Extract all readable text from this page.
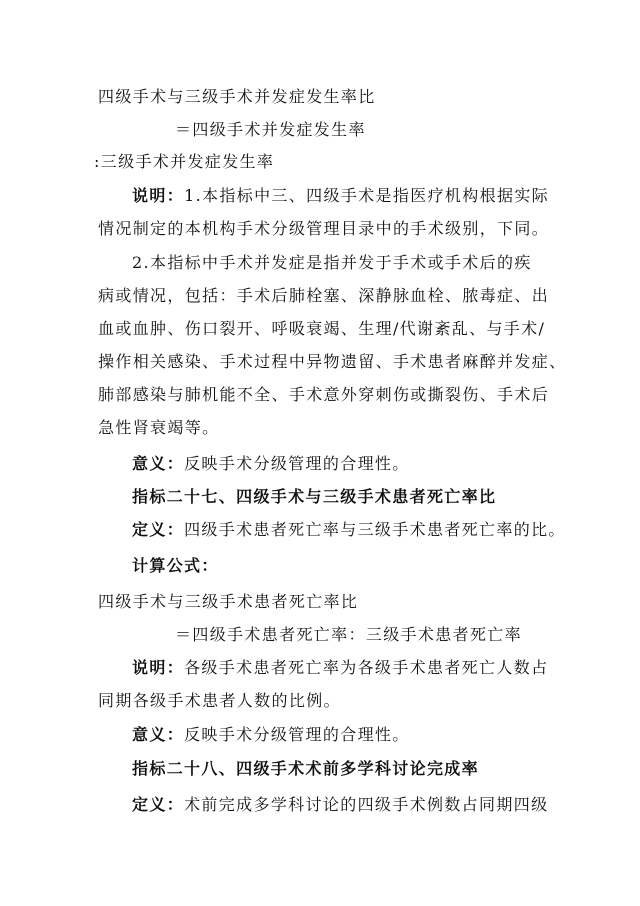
四级手术与三级手术并发症发生率比
＝四级手术并发症发生率
:三级手术并发症发生率
说明：1.本指标中三、四级手术是指医疗机构根据实际
情况制定的本机构手术分级管理目录中的手术级别，下同。
2.本指标中手术并发症是指并发于手术或手术后的疾
病或情况，包括：手术后肺栓塞、深静脉血栓、脓毒症、出
血或血肿、伤口裂开、呼吸衰竭、生理/代谢紊乱、与手术/
操作相关感染、手术过程中异物遗留、手术患者麻醉并发症、
肺部感染与肺机能不全、手术意外穿刺伤或撕裂伤、手术后
急性肾衰竭等。
意义：反映手术分级管理的合理性。
指标二十七、四级手术与三级手术患者死亡率比
定义：四级手术患者死亡率与三级手术患者死亡率的比。
计算公式：
四级手术与三级手术患者死亡率比
＝四级手术患者死亡率：三级手术患者死亡率
说明：各级手术患者死亡率为各级手术患者死亡人数占
同期各级手术患者人数的比例。
意义：反映手术分级管理的合理性。
指标二十八、四级手术术前多学科讨论完成率
定义：术前完成多学科讨论的四级手术例数占同期四级
